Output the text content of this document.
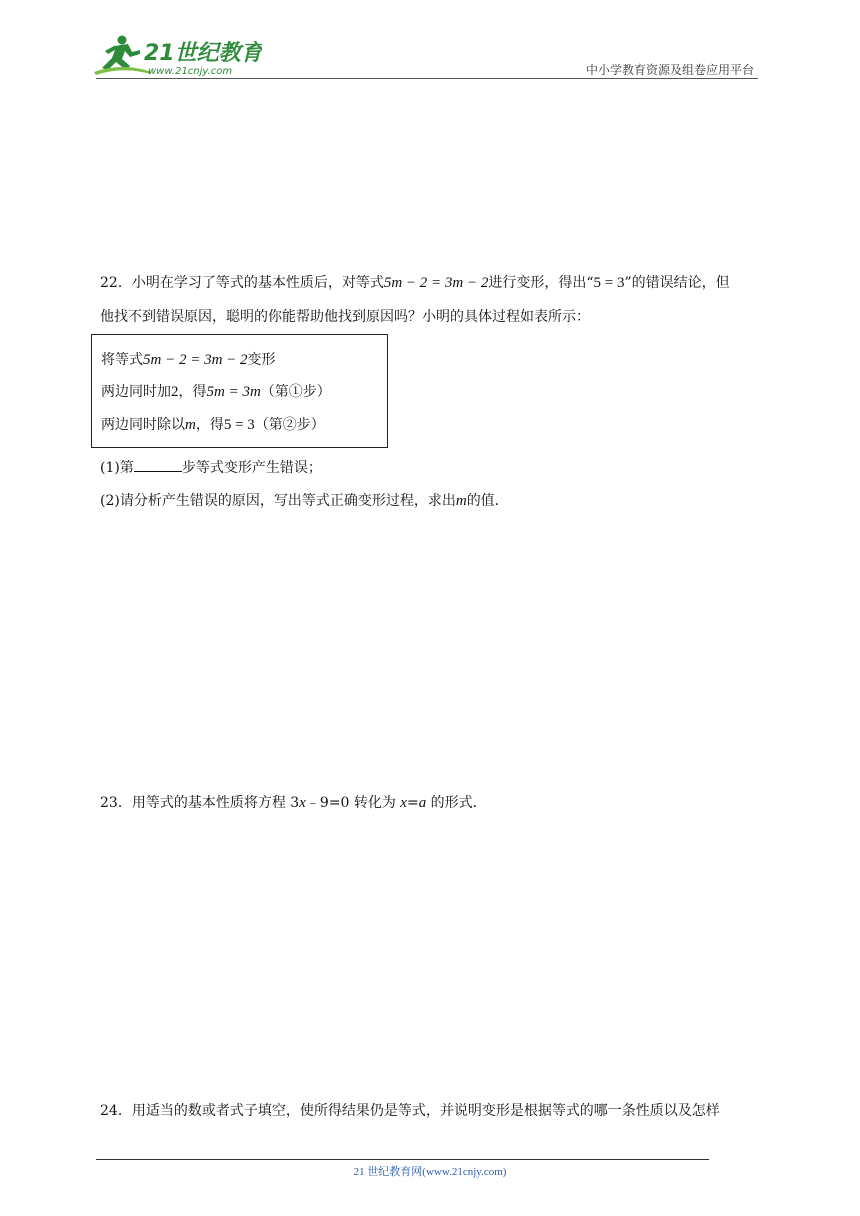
21世纪教育
www.21cnjy.com	中小学教育资源及组卷应用平台
22．小明在学习了等式的基本性质后，对等式5m − 2 = 3m − 2进行变形，得出“5 = 3”的错误结论，但
他找不到错误原因，聪明的你能帮助他找到原因吗？小明的具体过程如表所示：
将等式5m − 2 = 3m − 2变形
两边同时加2，得5m = 3m（第①步）
两边同时除以m，得5 = 3（第②步）
(1)第	步等式变形产生错误；
(2)请分析产生错误的原因，写出等式正确变形过程，求出m的值．
23．用等式的基本性质将方程 3x﹣9=0 转化为 x=a 的形式．
24．用适当的数或者式子填空，使所得结果仍是等式，并说明变形是根据等式的哪一条性质以及怎样
21 世纪教育网(www.21cnjy.com)
